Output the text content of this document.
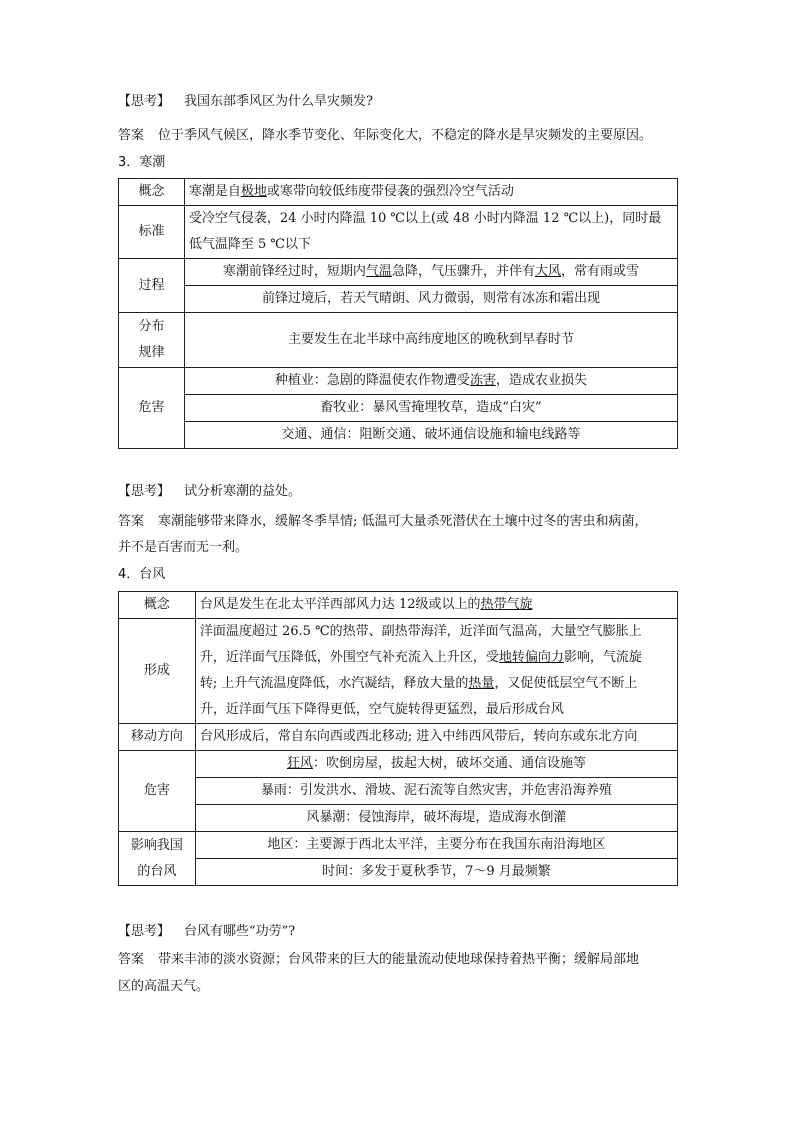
【思考】 我国东部季风区为什么旱灾频发?
答案 位于季风气候区，降水季节变化、年际变化大，不稳定的降水是旱灾频发的主要原因。
3．寒潮
概念	寒潮是自极地或寒带向较低纬度带侵袭的强烈冷空气活动
标准	受冷空气侵袭，24 小时内降温 10 ℃以上(或 48 小时内降温 12 ℃以上)，同时最
低气温降至 5 ℃以下

过程	寒潮前锋经过时，短期内气温急降，气压骤升，并伴有大风，常有雨或雪
	前锋过境后，若天气晴朗、风力微弱，则常有冰冻和霜出现

分布
规律	主要发生在北半球中高纬度地区的晚秋到早春时节
危害	种植业：急剧的降温使农作物遭受冻害，造成农业损失
	畜牧业：暴风雪掩埋牧草，造成“白灾”
	交通、通信：阻断交通、破坏通信设施和输电线路等
【思考】 试分析寒潮的益处。
答案 寒潮能够带来降水，缓解冬季旱情; 低温可大量杀死潜伏在土壤中过冬的害虫和病菌，
并不是百害而无一利。
4．台风
概念	台风是发生在北太平洋西部风力达 12级或以上的热带气旋
形成	洋面温度超过 26.5 ℃的热带、副热带海洋，近洋面气温高，大量空气膨胀上
升，近洋面气压降低，外围空气补充流入上升区，受地转偏向力影响，气流旋
转; 上升气流温度降低，水汽凝结，释放大量的热量，又促使低层空气不断上
升，近洋面气压下降得更低，空气旋转得更猛烈，最后形成台风

移动方向	台风形成后，常自东向西或西北移动; 进入中纬西风带后，转向东或东北方向
危害	狂风：吹倒房屋，拔起大树，破坏交通、通信设施等
	暴雨：引发洪水、滑坡、泥石流等自然灾害，并危害沿海养殖
	风暴潮：侵蚀海岸，破坏海堤，造成海水倒灌

影响我国
的台风	地区：主要源于西北太平洋，主要分布在我国东南沿海地区
	时间：多发于夏秋季节，7～9 月最频繁
【思考】 台风有哪些“功劳”?
答案 带来丰沛的淡水资源；台风带来的巨大的能量流动使地球保持着热平衡；缓解局部地
区的高温天气。
